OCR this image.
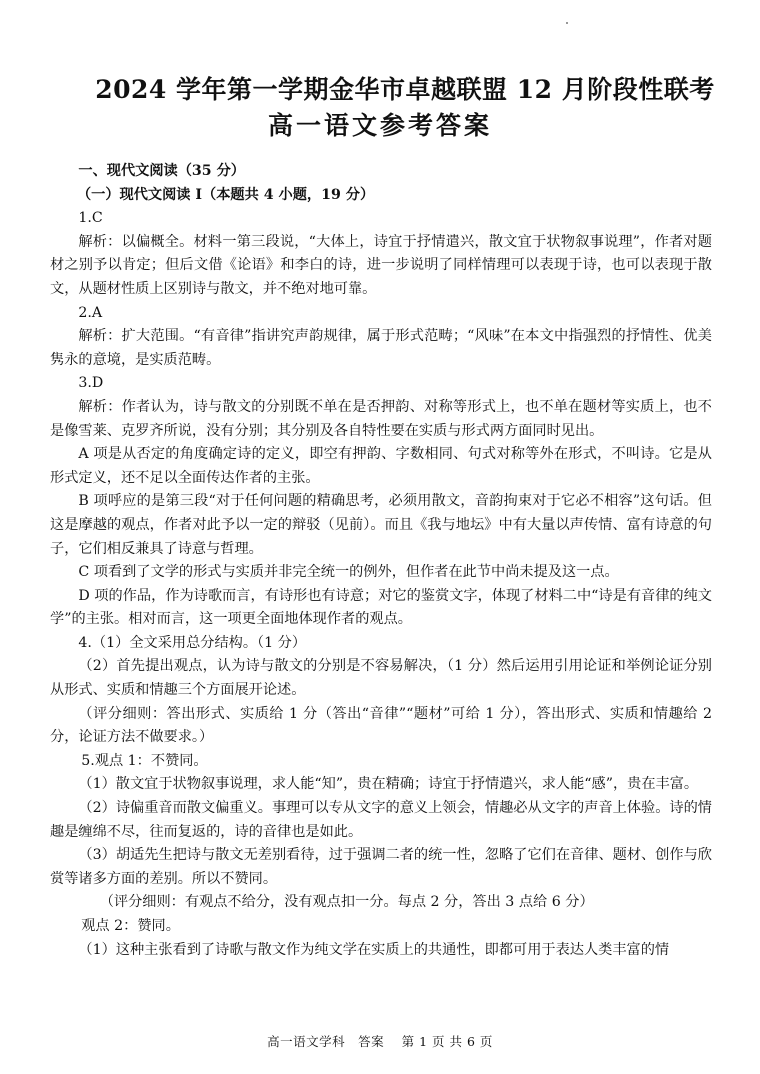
2024 学年第一学期金华市卓越联盟 12 月阶段性联考
高一语文参考答案

一、现代文阅读（35 分）

（一）现代文阅读 I（本题共 4 小题，19 分）

1.C

解析：以偏概全。材料一第三段说，“大体上，诗宜于抒情遣兴，散文宜于状物叙事说理”，作者对题材之别予以肯定；但后文借《论语》和李白的诗，进一步说明了同样情理可以表现于诗，也可以表现于散文，从题材性质上区别诗与散文，并不绝对地可靠。

2.A

解析：扩大范围。“有音律”指讲究声韵规律，属于形式范畴；“风味”在本文中指强烈的抒情性、优美隽永的意境，是实质范畴。

3.D

解析：作者认为，诗与散文的分别既不单在是否押韵、对称等形式上，也不单在题材等实质上，也不是像雪莱、克罗齐所说，没有分别；其分别及各自特性要在实质与形式两方面同时见出。

A 项是从否定的角度确定诗的定义，即空有押韵、字数相同、句式对称等外在形式，不叫诗。它是从形式定义，还不足以全面传达作者的主张。

B 项呼应的是第三段“对于任何问题的精确思考，必须用散文，音韵拘束对于它必不相容”这句话。但这是摩越的观点，作者对此予以一定的辩驳（见前）。而且《我与地坛》中有大量以声传情、富有诗意的句子，它们相反兼具了诗意与哲理。

C 项看到了文学的形式与实质并非完全统一的例外，但作者在此节中尚未提及这一点。

D 项的作品，作为诗歌而言，有诗形也有诗意；对它的鉴赏文字，体现了材料二中“诗是有音律的纯文学”的主张。相对而言，这一项更全面地体现作者的观点。

4.（1）全文采用总分结构。（1 分）

（2）首先提出观点，认为诗与散文的分别是不容易解决，（1 分）然后运用引用论证和举例论证分别从形式、实质和情趣三个方面展开论述。

（评分细则：答出形式、实质给 1 分（答出“音律”“题材”可给 1 分），答出形式、实质和情趣给 2 分，论证方法不做要求。）

5.观点 1：不赞同。

（1）散文宜于状物叙事说理，求人能“知”，贵在精确；诗宜于抒情遣兴，求人能“感”，贵在丰富。

（2）诗偏重音而散文偏重义。事理可以专从文字的意义上领会，情趣必从文字的声音上体验。诗的情趣是缠绵不尽，往而复返的，诗的音律也是如此。

（3）胡适先生把诗与散文无差别看待，过于强调二者的统一性，忽略了它们在音律、题材、创作与欣赏等诸多方面的差别。所以不赞同。

（评分细则：有观点不给分，没有观点扣一分。每点 2 分，答出 3 点给 6 分）

观点 2：赞同。

（1）这种主张看到了诗歌与散文作为纯文学在实质上的共通性，即都可用于表达人类丰富的情

高一语文学科　答案　 第 1 页 共 6 页
